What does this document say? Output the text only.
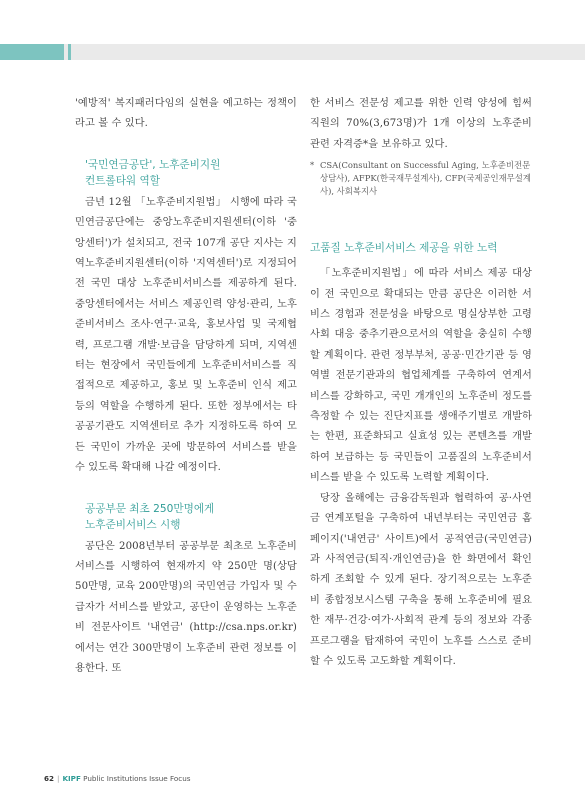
'예방적' 복지패러다임의 실현을 예고하는 정책이라고 볼 수 있다.

'국민연금공단', 노후준비지원
컨트롤타워 역할

금년 12월 「노후준비지원법」 시행에 따라 국민연금공단에는 중앙노후준비지원센터(이하 '중앙센터')가 설치되고, 전국 107개 공단 지사는 지역노후준비지원센터(이하 '지역센터')로 지정되어 전 국민 대상 노후준비서비스를 제공하게 된다. 중앙센터에서는 서비스 제공인력 양성·관리, 노후준비서비스 조사·연구·교육, 홍보사업 및 국제협력, 프로그램 개발·보급을 담당하게 되며, 지역센터는 현장에서 국민들에게 노후준비서비스를 직접적으로 제공하고, 홍보 및 노후준비 인식 제고 등의 역할을 수행하게 된다. 또한 정부에서는 타 공공기관도 지역센터로 추가 지정하도록 하여 모든 국민이 가까운 곳에 방문하여 서비스를 받을 수 있도록 확대해 나갈 예정이다.

공공부문 최초 250만명에게
노후준비서비스 시행

공단은 2008년부터 공공부문 최초로 노후준비서비스를 시행하여 현재까지 약 250만 명(상담 50만명, 교육 200만명)의 국민연금 가입자 및 수급자가 서비스를 받았고, 공단이 운영하는 노후준비 전문사이트 '내연금' (http://csa.nps.or.kr)에서는 연간 300만명이 노후준비 관련 정보를 이용한다. 또

한 서비스 전문성 제고를 위한 인력 양성에 힘써 직원의 70%(3,673명)가 1개 이상의 노후준비 관련 자격증*을 보유하고 있다.

* CSA(Consultant on Successful Aging, 노후준비전문상담사), AFPK(한국재무설계사), CFP(국제공인재무설계사), 사회복지사
고품질 노후준비서비스 제공을 위한 노력

「노후준비지원법」에 따라 서비스 제공 대상이 전 국민으로 확대되는 만큼 공단은 이러한 서비스 경험과 전문성을 바탕으로 명실상부한 고령사회 대응 중추기관으로서의 역할을 충실히 수행할 계획이다. 관련 정부부처, 공공·민간기관 등 영역별 전문기관과의 협업체계를 구축하여 연계서비스를 강화하고, 국민 개개인의 노후준비 정도를 측정할 수 있는 진단지표를 생애주기별로 개발하는 한편, 표준화되고 실효성 있는 콘텐츠를 개발하여 보급하는 등 국민들이 고품질의 노후준비서비스를 받을 수 있도록 노력할 계획이다.

당장 올해에는 금융감독원과 협력하여 공·사연금 연계포털을 구축하여 내년부터는 국민연금 홈페이지('내연금' 사이트)에서 공적연금(국민연금)과 사적연금(퇴직·개인연금)을 한 화면에서 확인하게 조회할 수 있게 된다. 장기적으로는 노후준비 종합정보시스템 구축을 통해 노후준비에 필요한 재무·건강·여가·사회적 관계 등의 정보와 각종 프로그램을 탑재하여 국민이 노후를 스스로 준비할 수 있도록 고도화할 계획이다.

62 | KIPF Public Institutions Issue Focus
